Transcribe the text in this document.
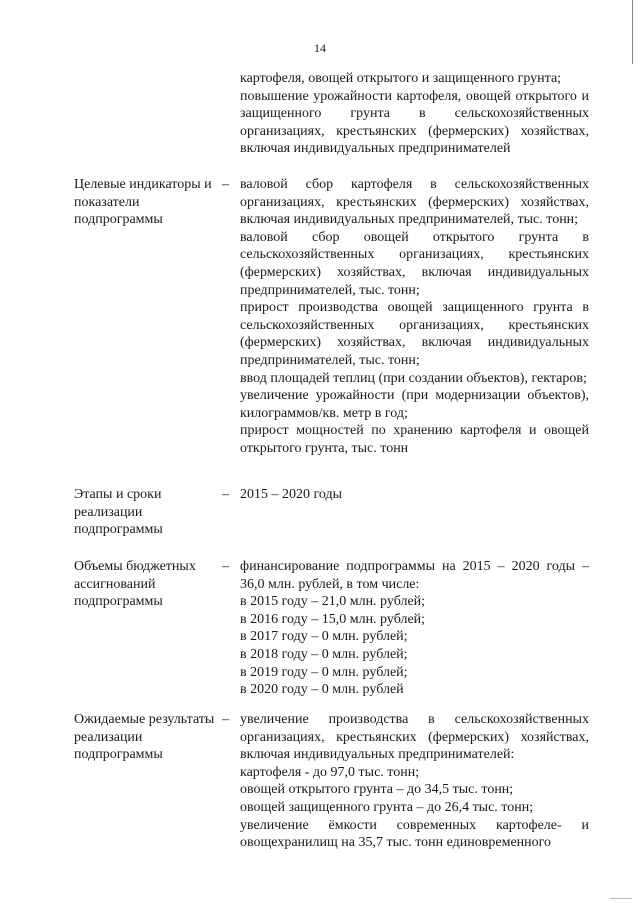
14

картофеля, овощей открытого и защищенного грунта;

повышение урожайности картофеля, овощей открытого и защищенного грунта в сельскохозяйственных организациях, крестьянских (фермерских) хозяйствах, включая индивидуальных предпринимателей

Целевые индикаторы и показатели подпрограммы
– валовой сбор картофеля в сельскохозяйственных организациях, крестьянских (фермерских) хозяйствах, включая индивидуальных предпринимателей, тыс. тонн;

валовой сбор овощей открытого грунта в сельскохозяйственных организациях, крестьянских (фермерских) хозяйствах, включая индивидуальных предпринимателей, тыс. тонн;

прирост производства овощей защищенного грунта в сельскохозяйственных организациях, крестьянских (фермерских) хозяйствах, включая индивидуальных предпринимателей, тыс. тонн;

ввод площадей теплиц (при создании объектов), гектаров;

увеличение урожайности (при модернизации объектов), килограммов/кв. метр в год;

прирост мощностей по хранению картофеля и овощей открытого грунта, тыс. тонн

Этапы и сроки реализации подпрограммы
– 2015 – 2020 годы

Объемы бюджетных ассигнований подпрограммы
– финансирование подпрограммы на 2015 – 2020 годы – 36,0 млн. рублей, в том числе:

в 2015 году – 21,0 млн. рублей;

в 2016 году – 15,0 млн. рублей;

в 2017 году – 0 млн. рублей;

в 2018 году – 0 млн. рублей;

в 2019 году – 0 млн. рублей;

в 2020 году – 0 млн. рублей

Ожидаемые результаты реализации подпрограммы
– увеличение производства в сельскохозяйственных организациях, крестьянских (фермерских) хозяйствах, включая индивидуальных предпринимателей:

картофеля - до 97,0 тыс. тонн;

овощей открытого грунта – до 34,5 тыс. тонн;

овощей защищенного грунта – до 26,4 тыс. тонн;

увеличение ёмкости современных картофеле- и овощехранилищ на 35,7 тыс. тонн единовременного
